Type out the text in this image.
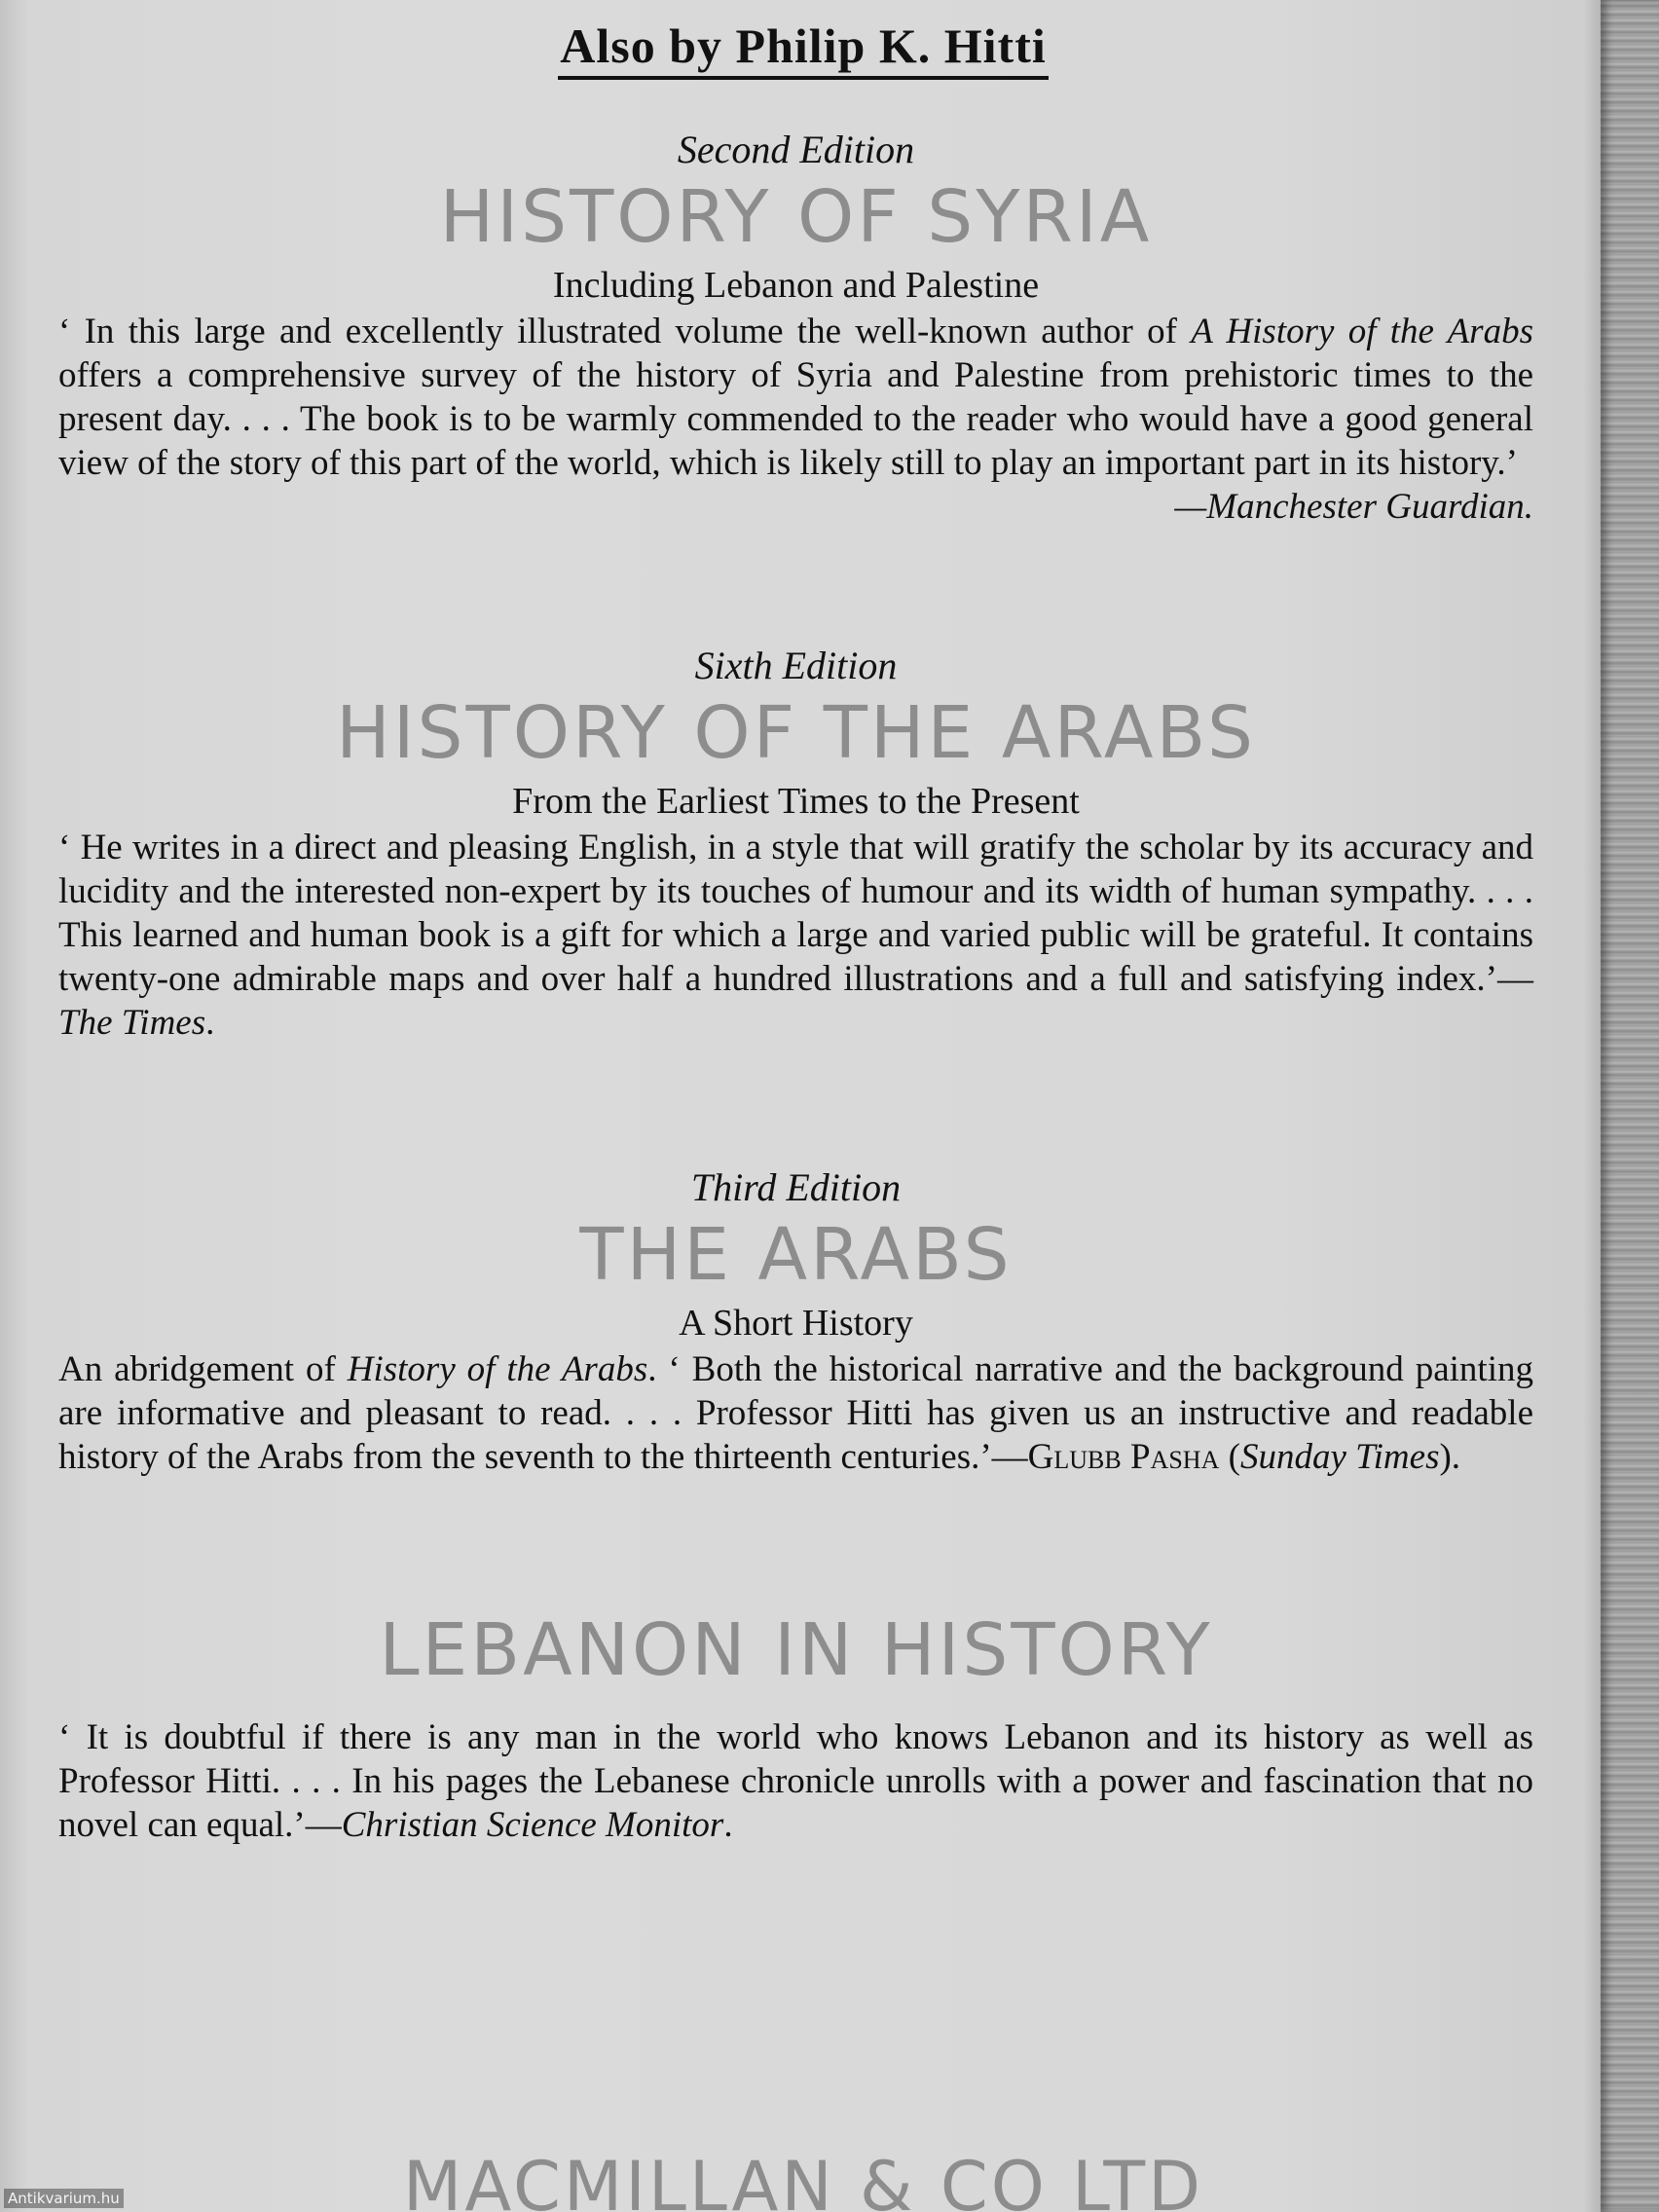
Also by Philip K. Hitti
Second Edition
HISTORY OF SYRIA
Including Lebanon and Palestine

‘ In this large and excellently illustrated volume the well-known author of A History of the Arabs offers a comprehensive survey of the history of Syria and Palestine from prehistoric times to the present day. . . . The book is to be warmly commended to the reader who would have a good general view of the story of this part of the world, which is likely still to play an important part in its history.’

—Manchester Guardian.
Sixth Edition
HISTORY OF THE ARABS
From the Earliest Times to the Present

‘ He writes in a direct and pleasing English, in a style that will gratify the scholar by its accuracy and lucidity and the interested non-expert by its touches of humour and its width of human sympathy. . . . This learned and human book is a gift for which a large and varied public will be grateful. It contains twenty-one admirable maps and over half a hundred illustrations and a full and satisfying index.’—The Times.

Third Edition
THE ARABS
A Short History

An abridgement of History of the Arabs. ‘ Both the historical narrative and the background painting are informative and pleasant to read. . . . Professor Hitti has given us an instructive and readable history of the Arabs from the seventh to the thirteenth centuries.’—Glubb Pasha (Sunday Times).

LEBANON IN HISTORY

‘ It is doubtful if there is any man in the world who knows Lebanon and its history as well as Professor Hitti. . . . In his pages the Lebanese chronicle unrolls with a power and fascination that no novel can equal.’—Christian Science Monitor.

MACMILLAN & CO LTD
Antikvarium.hu
